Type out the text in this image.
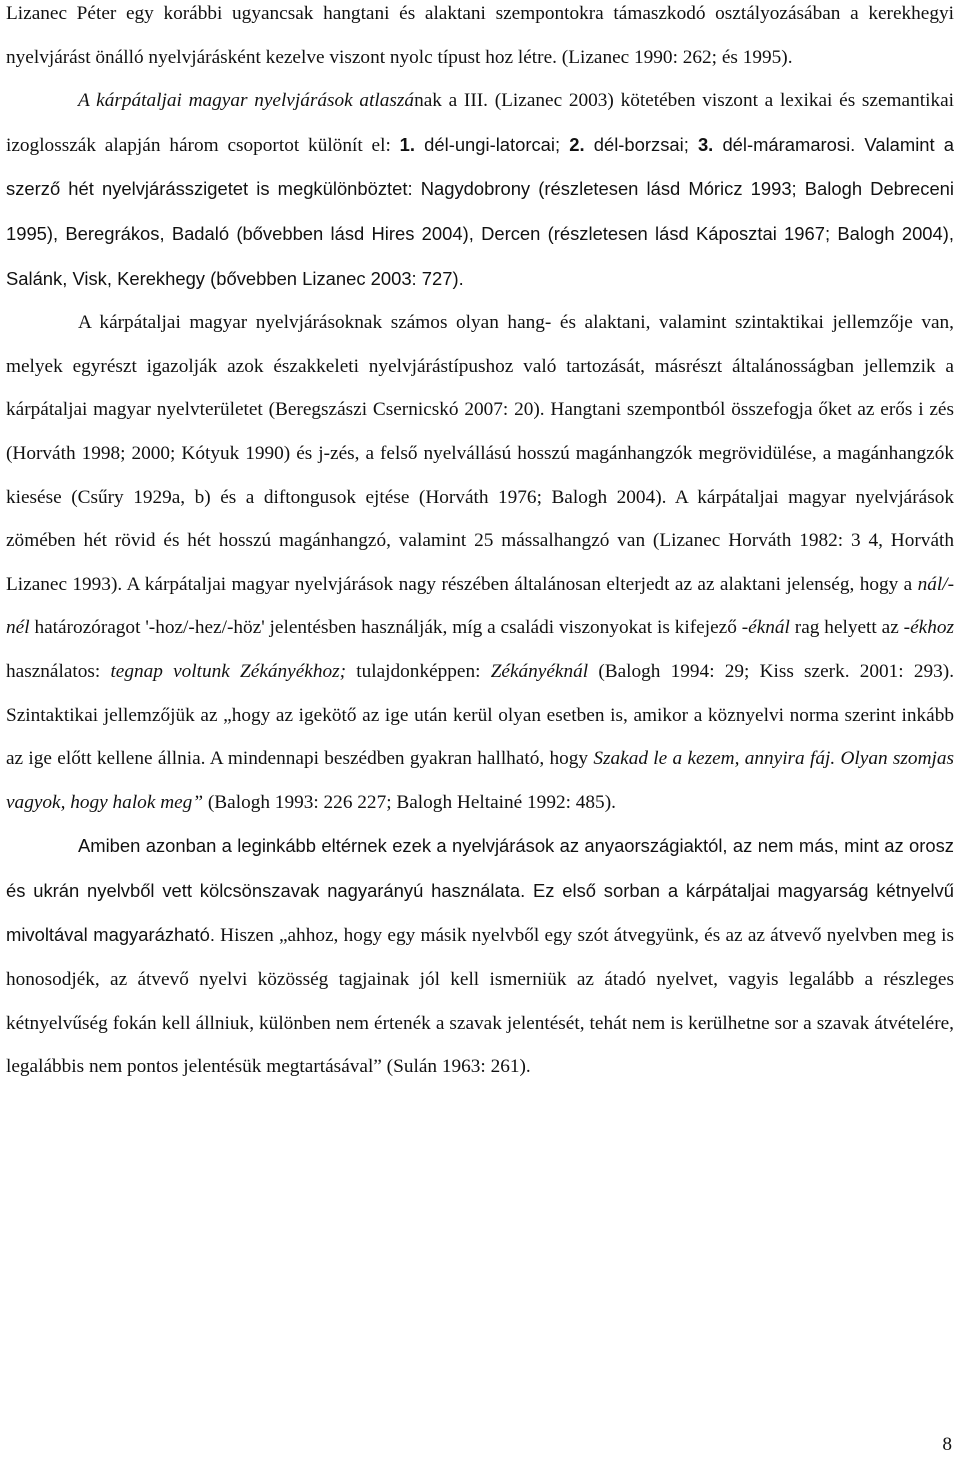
Lizanec Péter egy korábbi ugyancsak hangtani és alaktani szempontokra támaszkodó osztályozásában a kerekhegyi nyelvjárást önálló nyelvjárásként kezelve viszont nyolc típust hoz létre. (Lizanec 1990: 262; és 1995).
A kárpátaljai magyar nyelvjárások atlaszának a III. (Lizanec 2003) kötetében viszont a lexikai és szemantikai izoglosszák alapján három csoportot különít el: 1. dél-ungi-latorcai; 2. dél-borzsai; 3. dél-máramarosi. Valamint a szerző hét nyelvjárásszigetet is megkülönböztet: Nagydobrony (részletesen lásd Móricz 1993; Balogh Debreceni 1995), Beregrákos, Badaló (bővebben lásd Hires 2004), Dercen (részletesen lásd Káposztai 1967; Balogh 2004), Salánk, Visk, Kerekhegy (bővebben Lizanec 2003: 727).

A kárpátaljai magyar nyelvjárásoknak számos olyan hang- és alaktani, valamint szintaktikai jellemzője van, melyek egyrészt igazolják azok északkeleti nyelvjárástípushoz való tartozását, másrészt általánosságban jellemzik a kárpátaljai magyar nyelvterületet (Beregszászi Csernicskó 2007: 20). Hangtani szempontból összefogja őket az erős i zés (Horváth 1998; 2000; Kótyuk 1990) és j-zés, a felső nyelvállású hosszú magánhangzók megrövidülése, a magánhangzók kiesése (Csűry 1929a, b) és a diftongusok ejtése (Horváth 1976; Balogh 2004). A kárpátaljai magyar nyelvjárások zömében hét rövid és hét hosszú magánhangzó, valamint 25 mássalhangzó van (Lizanec Horváth 1982: 3 4, Horváth Lizanec 1993). A kárpátaljai magyar nyelvjárások nagy részében általánosan elterjedt az az alaktani jelenség, hogy a nál/-nél határozóragot '-hoz/-hez/-höz' jelentésben használják, míg a családi viszonyokat is kifejező -éknál rag helyett az -ékhoz használatos: tegnap voltunk Zékányékhoz; tulajdonképpen: Zékányéknál (Balogh 1994: 29; Kiss szerk. 2001: 293). Szintaktikai jellemzőjük az „hogy az igekötő az ige után kerül olyan esetben is, amikor a köznyelvi norma szerint inkább az ige előtt kellene állnia. A mindennapi beszédben gyakran hallható, hogy Szakad le a kezem, annyira fáj. Olyan szomjas vagyok, hogy halok meg” (Balogh 1993: 226 227; Balogh Heltainé 1992: 485).

Amiben azonban a leginkább eltérnek ezek a nyelvjárások az anyaországiaktól, az nem más, mint az orosz és ukrán nyelvből vett kölcsönszavak nagyarányú használata. Ez első sorban a kárpátaljai magyarság kétnyelvű mivoltával magyarázható. Hiszen „ahhoz, hogy egy másik nyelvből egy szót átvegyünk, és az az átvevő nyelvben meg is honosodjék, az átvevő nyelvi közösség tagjainak jól kell ismerniük az átadó nyelvet, vagyis legalább a részleges kétnyelvűség fokán kell állniuk, különben nem értenék a szavak jelentését, tehát nem is kerülhetne sor a szavak átvételére, legalábbis nem pontos jelentésük megtartásával” (Sulán 1963: 261).

8
